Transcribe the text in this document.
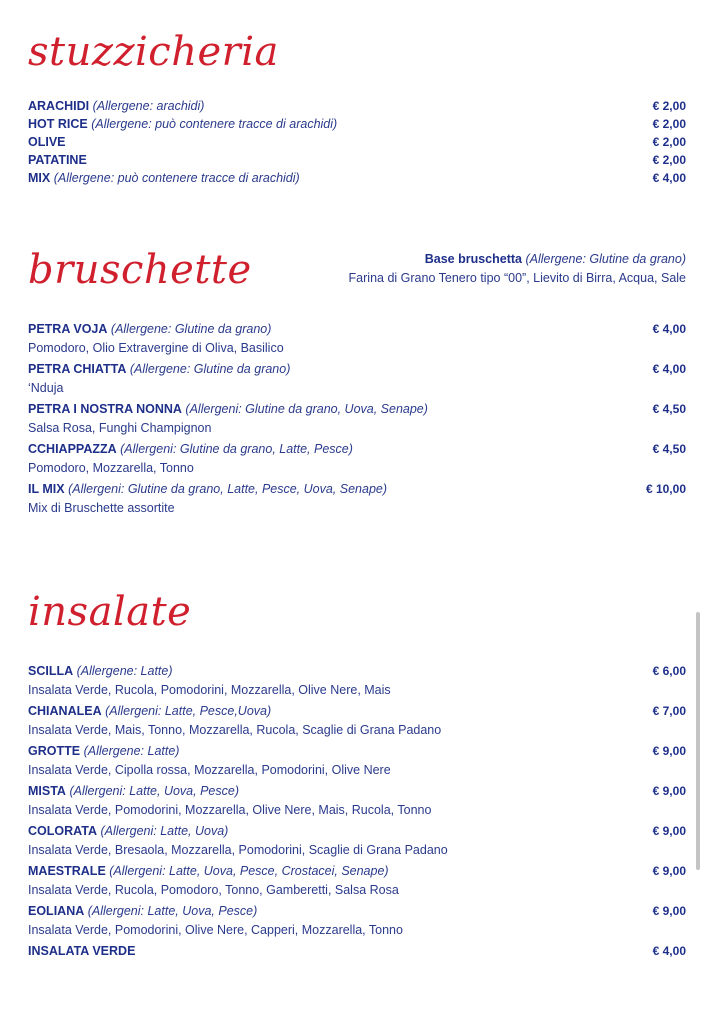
stuzzicheria
ARACHIDI (Allergene: arachidi)	€ 2,00
HOT RICE (Allergene: può contenere tracce di arachidi)	€ 2,00
OLIVE	€ 2,00
PATATINE	€ 2,00
MIX (Allergene: può contenere tracce di arachidi)	€ 4,00
bruschette	Base bruschetta (Allergene: Glutine da grano)
Farina di Grano Tenero tipo “00”, Lievito di Birra, Acqua, Sale
PETRA VOJA (Allergene: Glutine da grano)	€ 4,00
Pomodoro, Olio Extravergine di Oliva, Basilico
PETRA CHIATTA (Allergene: Glutine da grano)	€ 4,00
‘Nduja
PETRA I NOSTRA NONNA (Allergeni: Glutine da grano, Uova, Senape)	€ 4,50
Salsa Rosa, Funghi Champignon
CCHIAPPAZZA (Allergeni: Glutine da grano, Latte, Pesce)	€ 4,50
Pomodoro, Mozzarella, Tonno
IL MIX (Allergeni: Glutine da grano, Latte, Pesce, Uova, Senape)	€ 10,00
Mix di Bruschette assortite
insalate
SCILLA (Allergene: Latte)	€ 6,00
Insalata Verde, Rucola, Pomodorini, Mozzarella, Olive Nere, Mais
CHIANALEA (Allergeni: Latte, Pesce,Uova)	€ 7,00
Insalata Verde, Mais, Tonno, Mozzarella, Rucola, Scaglie di Grana Padano
GROTTE (Allergene: Latte)	€ 9,00
Insalata Verde, Cipolla rossa, Mozzarella, Pomodorini, Olive Nere
MISTA (Allergeni: Latte, Uova, Pesce)	€ 9,00
Insalata Verde, Pomodorini, Mozzarella, Olive Nere, Mais, Rucola, Tonno
COLORATA (Allergeni: Latte, Uova)	€ 9,00
Insalata Verde, Bresaola, Mozzarella, Pomodorini, Scaglie di Grana Padano
MAESTRALE (Allergeni: Latte, Uova, Pesce, Crostacei, Senape)	€ 9,00
Insalata Verde, Rucola, Pomodoro, Tonno, Gamberetti, Salsa Rosa
EOLIANA (Allergeni: Latte, Uova, Pesce)	€ 9,00
Insalata Verde, Pomodorini, Olive Nere, Capperi, Mozzarella, Tonno
INSALATA VERDE	€ 4,00
